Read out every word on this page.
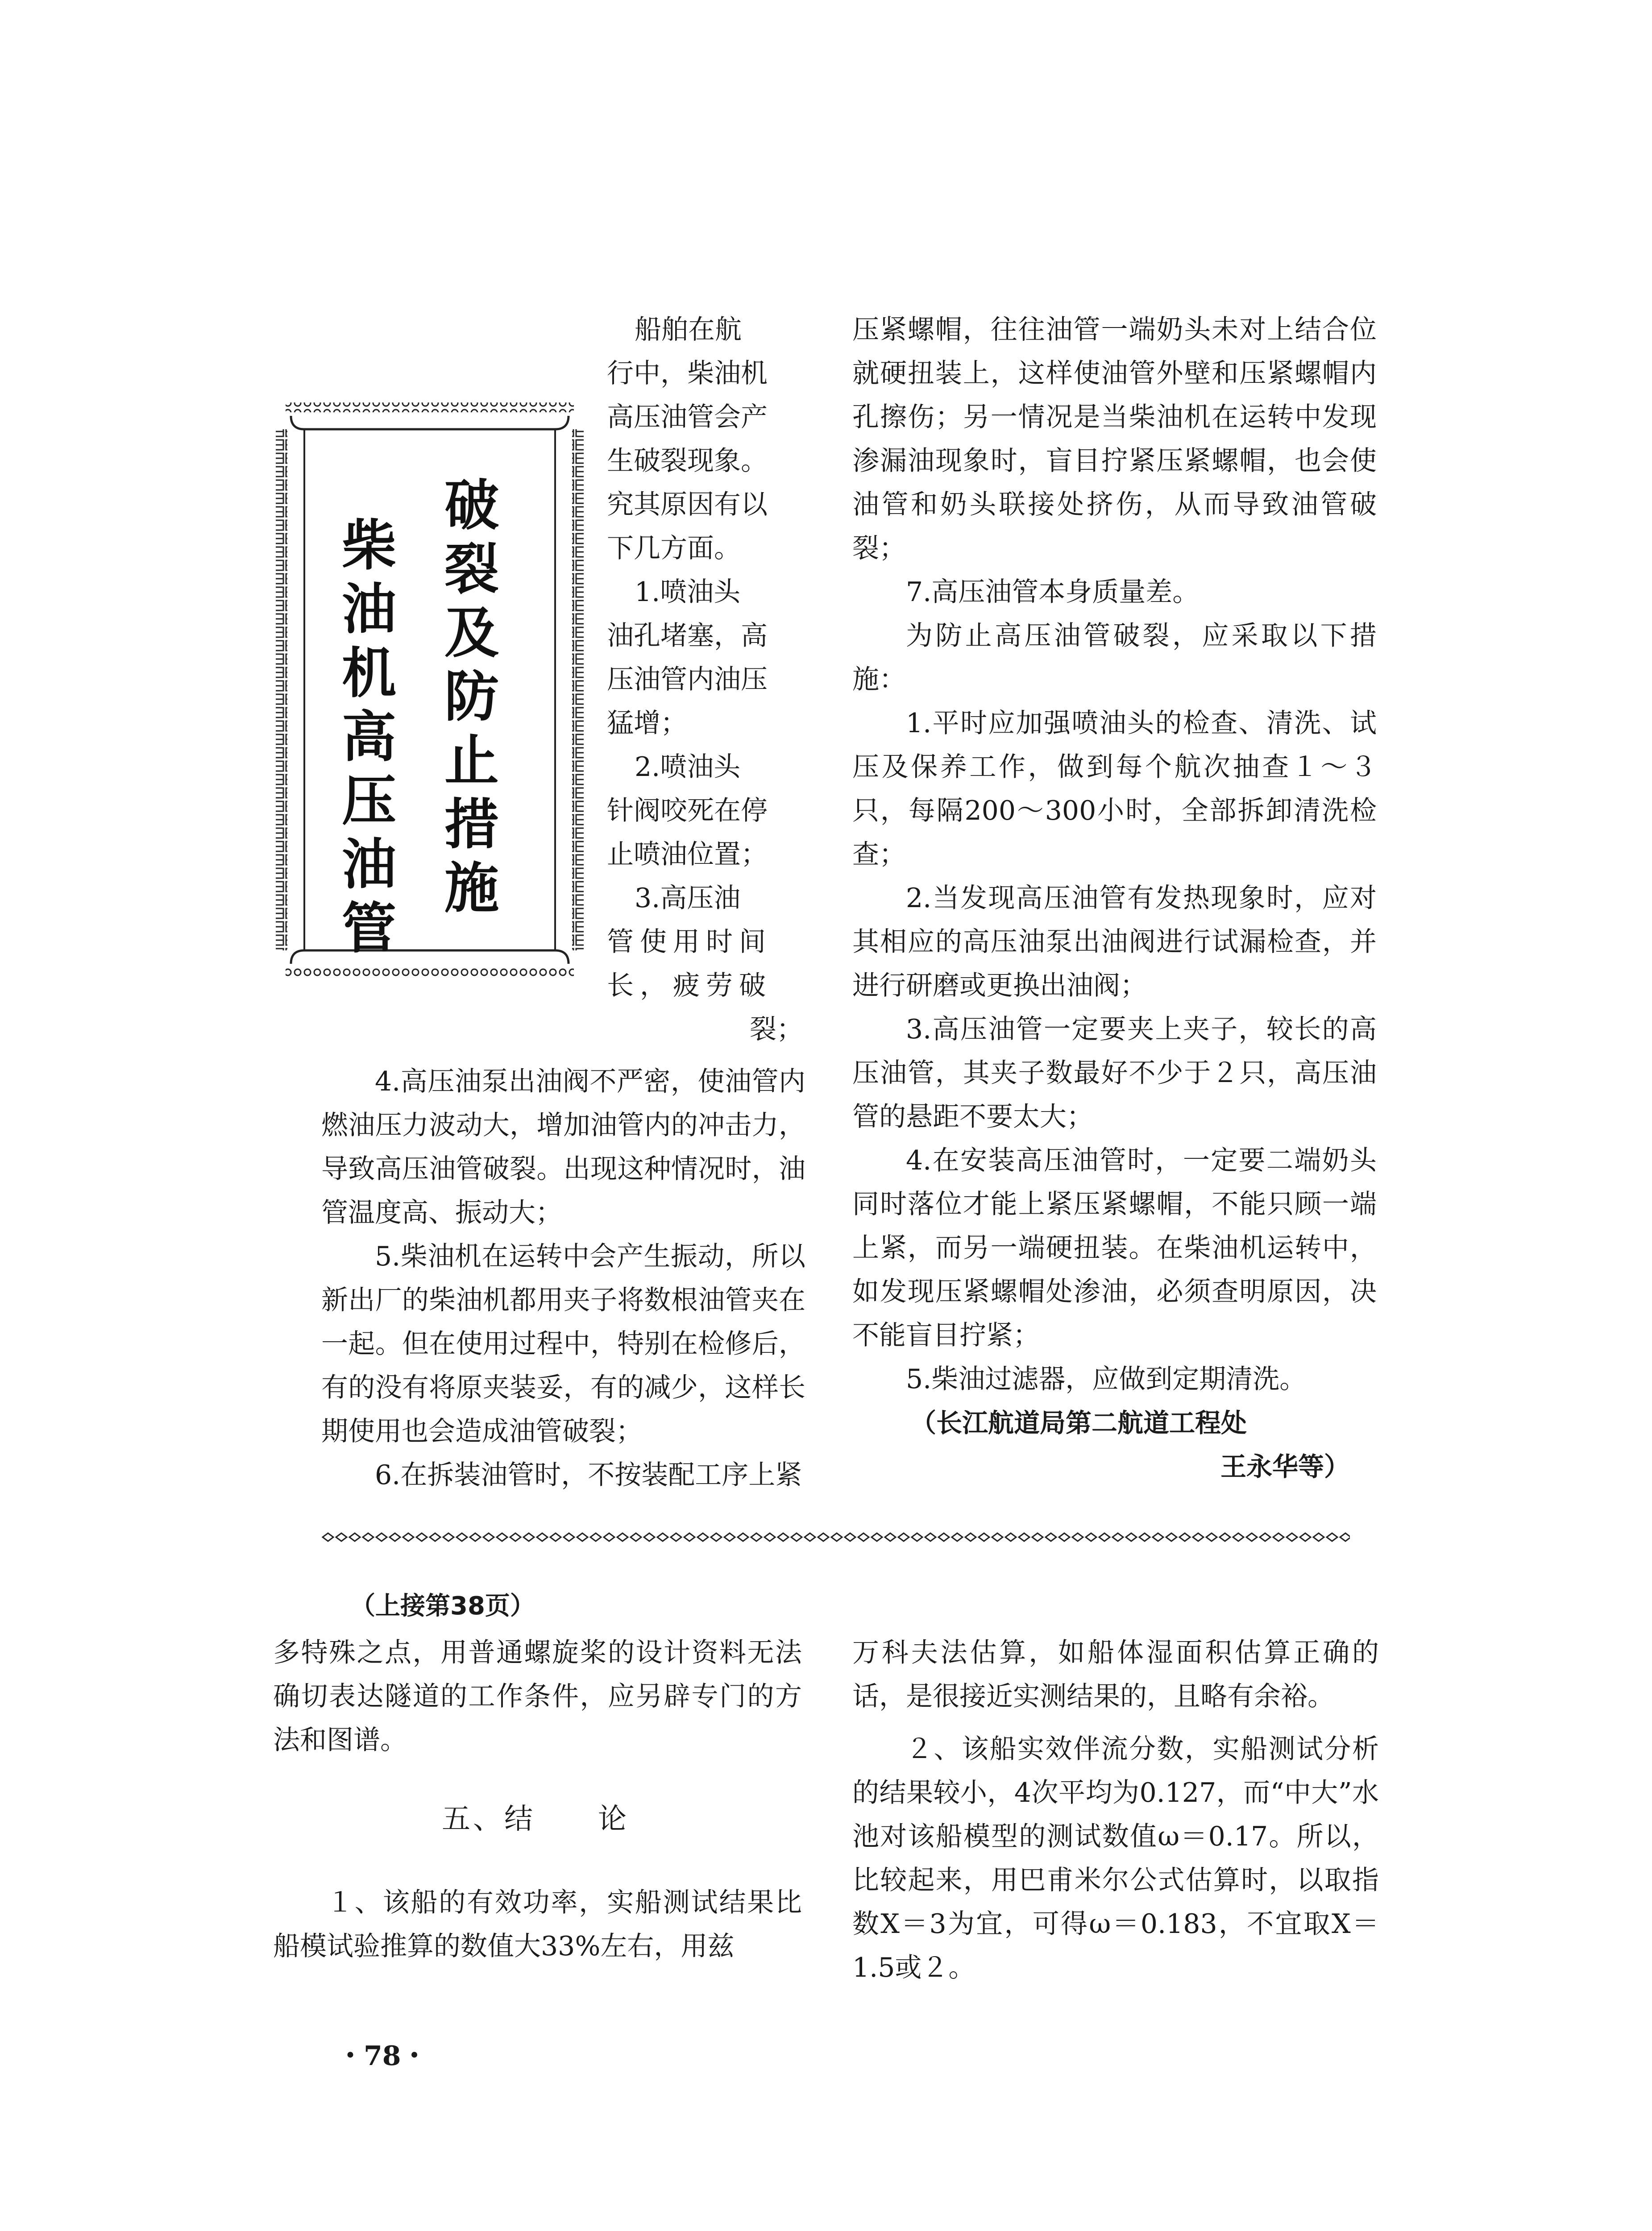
破
裂
及
防
止
措
施
柴
油
机
高
压
油
管
船舶在航
行中，柴油机
高压油管会产
生破裂现象。
究其原因有以
下几方面。
1.喷油头
油孔堵塞，高
压油管内油压
猛增；
2.喷油头
针阀咬死在停
止喷油位置；
3.高压油
管使用时间
长，疲劳破
裂；

4.高压油泵出油阀不严密，使油管内燃油压力波动大，增加油管内的冲击力，导致高压油管破裂。出现这种情况时，油管温度高、振动大；

5.柴油机在运转中会产生振动，所以新出厂的柴油机都用夹子将数根油管夹在一起。但在使用过程中，特别在检修后，有的没有将原夹装妥，有的减少，这样长期使用也会造成油管破裂；

6.在拆装油管时，不按装配工序上紧

压紧螺帽，往往油管一端奶头未对上结合位就硬扭装上，这样使油管外壁和压紧螺帽内孔擦伤；另一情况是当柴油机在运转中发现渗漏油现象时，盲目拧紧压紧螺帽，也会使油管和奶头联接处挤伤，从而导致油管破裂；

7.高压油管本身质量差。

为防止高压油管破裂，应采取以下措施：

1.平时应加强喷油头的检查、清洗、试压及保养工作，做到每个航次抽查１～３只，每隔200～300小时，全部拆卸清洗检查；

2.当发现高压油管有发热现象时，应对其相应的高压油泵出油阀进行试漏检查，并进行研磨或更换出油阀；

3.高压油管一定要夹上夹子，较长的高压油管，其夹子数最好不少于２只，高压油管的悬距不要太大；

4.在安装高压油管时，一定要二端奶头同时落位才能上紧压紧螺帽，不能只顾一端上紧，而另一端硬扭装。在柴油机运转中，如发现压紧螺帽处渗油，必须查明原因，决不能盲目拧紧；

5.柴油过滤器，应做到定期清洗。

（长江航道局第二航道工程处

王永华等）

（上接第38页）

多特殊之点，用普通螺旋桨的设计资料无法确切表达隧道的工作条件，应另辟专门的方法和图谱。

五、结　　论

１、该船的有效功率，实船测试结果比船模试验推算的数值大33%左右，用兹

万科夫法估算，如船体湿面积估算正确的话，是很接近实测结果的，且略有余裕。

２、该船实效伴流分数，实船测试分析的结果较小，4次平均为0.127，而“中大”水池对该船模型的测试数值ω＝0.17。所以，比较起来，用巴甫米尔公式估算时，以取指数X＝3为宜，可得ω＝0.183，不宜取X＝1.5或２。

・78・
